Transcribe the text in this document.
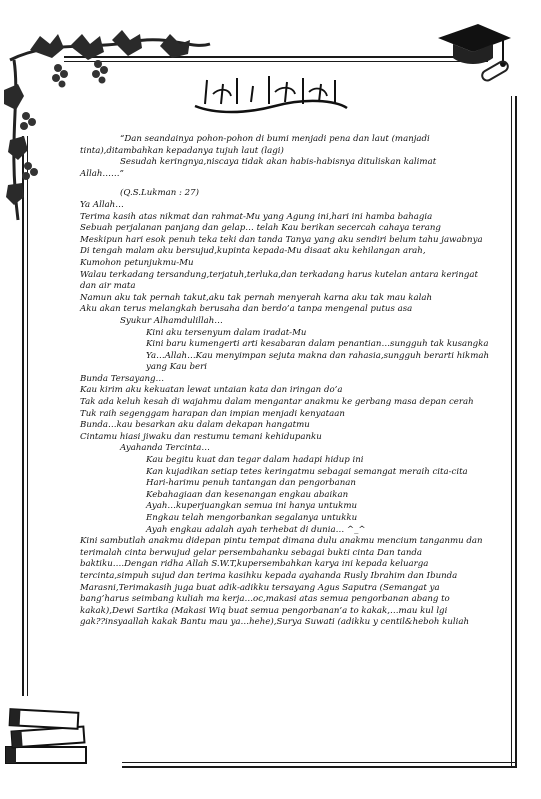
“Dan seandainya pohon-pohon di bumi menjadi pena dan laut (manjadi
tinta),ditambahkan kepadanya tujuh laut (lagi)
Sesudah keringnya,niscaya tidak akan habis-habisnya dituliskan kalimat
Allah……”
(Q.S.Lukman : 27)
Ya Allah…
Terima kasih atas nikmat dan rahmat-Mu yang Agung ini,hari ini hamba bahagia
Sebuah perjalanan panjang dan gelap… telah Kau berikan secercah cahaya terang
Meskipun hari esok penuh teka teki dan tanda Tanya yang aku sendiri belum tahu jawabnya
Di tengah malam aku bersujud,kupinta kepada-Mu disaat aku kehilangan arah,
Kumohon petunjukmu-Mu
Walau terkadang tersandung,terjatuh,terluka,dan terkadang harus kutelan antara keringat
dan air mata
Namun aku tak pernah takut,aku tak pernah menyerah karna aku tak mau kalah
Aku akan terus melangkah berusaha dan berdo’a tanpa mengenal putus asa
Syukur Alhamdulillah…
Kini aku tersenyum dalam iradat-Mu
Kini baru kumengerti arti kesabaran dalam penantian…sungguh tak kusangka
Ya…Allah…Kau menyimpan sejuta makna dan rahasia,sungguh berarti hikmah
yang Kau beri
Bunda Tersayang…
Kau kirim aku kekuatan lewat untaian kata dan iringan do’a
Tak ada keluh kesah di wajahmu dalam mengantar anakmu ke gerbang masa depan cerah
Tuk raih segenggam harapan dan impian menjadi kenyataan
Bunda…kau besarkan aku dalam dekapan hangatmu
Cintamu hiasi jiwaku dan restumu temani kehidupanku
Ayahanda Tercinta…
Kau begitu kuat dan tegar dalam hadapi hidup ini
Kan kujadikan setiap tetes keringatmu sebagai semangat meraih cita-cita
Hari-harimu penuh tantangan dan pengorbanan
Kebahagiaan dan kesenangan engkau abaikan
Ayah…kuperjuangkan semua ini hanya untukmu
Engkau telah mengorbankan segalanya untukku
Ayah engkau adalah ayah terhebat di dunia… ^_^
Kini sambutlah anakmu didepan pintu tempat dimana dulu anakmu mencium tanganmu dan
terimalah cinta berwujud gelar persembahanku sebagai bukti cinta Dan tanda
baktiku….Dengan ridha Allah S.W.T,kupersembahkan karya ini kepada keluarga
tercinta,simpuh sujud dan terima kasihku kepada ayahanda Rusly Ibrahim dan Ibunda
Marasni,Terimakasih juga buat adik-adikku tersayang Agus Saputra (Semangat ya
bang’harus seimbang kuliah ma kerja…oc,makasi atas semua pengorbanan abang to
kakak),Dewi Sartika (Makasi Wiq buat semua pengorbanan’a to kakak,…mau kul lgi
gak??insyaallah kakak Bantu mau ya…hehe),Surya Suwati (adikku y centil&heboh kuliah
